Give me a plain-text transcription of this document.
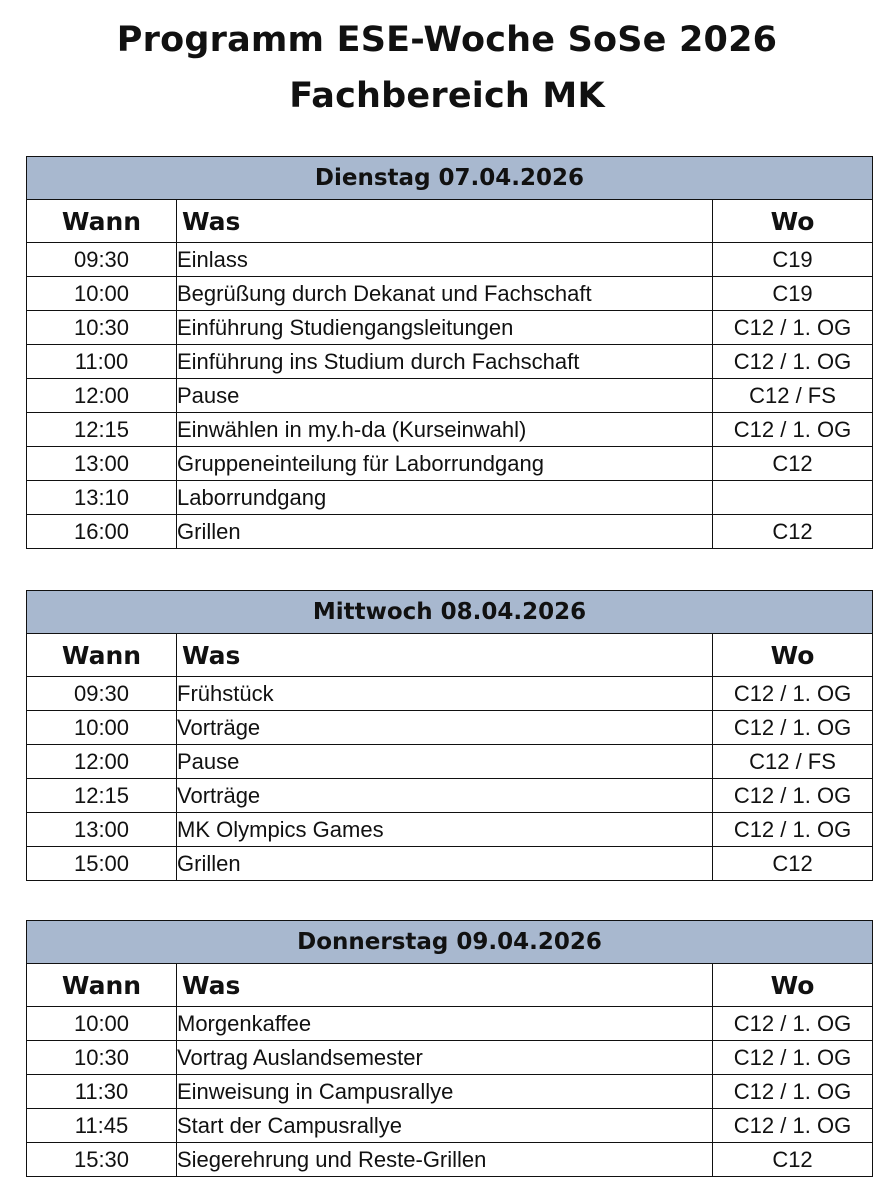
Programm ESE-Woche SoSe 2026
Fachbereich MK
Dienstag 07.04.2026		
Wann	Was	Wo
09:30	Einlass	C19
10:00	Begrüßung durch Dekanat und Fachschaft	C19
10:30	Einführung Studiengangsleitungen	C12 / 1. OG
11:00	Einführung ins Studium durch Fachschaft	C12 / 1. OG
12:00	Pause	C12 / FS
12:15	Einwählen in my.h-da (Kurseinwahl)	C12 / 1. OG
13:00	Gruppeneinteilung für Laborrundgang	C12
13:10	Laborrundgang	
16:00	Grillen	C12
Mittwoch 08.04.2026		
Wann	Was	Wo
09:30	Frühstück	C12 / 1. OG
10:00	Vorträge	C12 / 1. OG
12:00	Pause	C12 / FS
12:15	Vorträge	C12 / 1. OG
13:00	MK Olympics Games	C12 / 1. OG
15:00	Grillen	C12
Donnerstag 09.04.2026		
Wann	Was	Wo
10:00	Morgenkaffee	C12 / 1. OG
10:30	Vortrag Auslandsemester	C12 / 1. OG
11:30	Einweisung in Campusrallye	C12 / 1. OG
11:45	Start der Campusrallye	C12 / 1. OG
15:30	Siegerehrung und Reste-Grillen	C12
